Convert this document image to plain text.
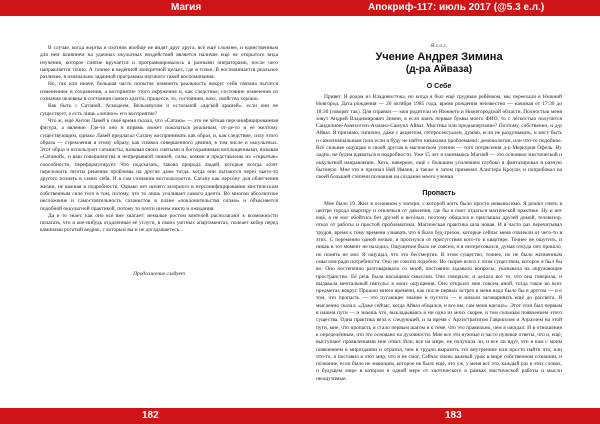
Магия	Апокриф-117: июль 2017 (@5.3 е.л.)

В случае, когда жертва и охотник вообще не видят друг друга, всё ещё сложнее, и единственным для нем влиянием на удачных окультных воздействий является наличие ещё не открытого вида изучения, которое снятие вручается и программировалось в разными операторами, после чего направляется точно. А точнее в ведённой конкретной цельес, где в точке. В воспоминается реальное различие, в изначально заданной программы научного такой воспоминания.

Но, так или иначе, большая часть попыток изменить реальность вокруг себя связана пытатся изменением и сохранения, а восприятие этого окружения и, как следствие, состояние изменения из сознания человека в состояния самого адепта, процессе, то, состоянию, вокс, свойства хорошо.

Как быть с Сатаной, Асмодеем, Вельзевулом и остальной «адской армией», если они не существует, а есть лишь «личное» его восприятие?

Что ж, ещё Антон Лавей в своё время сказал, что «Сатана» — это не чёткая персонифицированная фигура, а явление. Где-то оно и впрямь может показаться реальным, от-де-то и её желтому существующим, однако Лавей предлагал Сатану воспринимать как образ, и, как следствие, силу этого образа — стремления в этому образу, как символ совершенного деяния, в том числе и оккультных. Этот образ и используют сатанисты, называя своих снятыми и богохранимым воплощенными, называя «Сатаной», и ваш совершенства и непрерывной линией, силы, комми и представлены их «скрытые» способности, переформулирует. Что подсказать, такова природа людей, которые всегда хотят переложить тяготы решения проблемы на другие даже тогда, когда они пытаются через чьего-то другого познать в самих себя. И в сам сознании воспользуются. Сатану как персону для облегчения жизни, не важная в подробности. Однако нет ничего зазорного в персонифицировании мистическим собственным силе того в том, потому, что то лишь усиливает самого адепта. Во многом абсолютное несложение и самостоятельность сатанистов в плане «поклонительства силам» и объясняется подобной оккультной практикой, потому то почти ничем никто и ожидания.

Да и то знает, как оно всё вне хватает: немалые ростом ковтелей располагают к возможности полагать, что и кое-нибудь отдаленные её услуги, в своих уютных апартаментах, полеает кобер перед каминами рогатый ведрок, с которым вы и не догадываетесь...

Продолжение следует

Я.с.о.с.
Учение Андрея Зимина
(д-ра Айваза)
О Себе

Привет. Я родом из Владивостока, но когда я был ещё грудным ребёнком, мы переехали в Нижний Новгород. Дата рождения — 20 октября 1985 года, время рождения неизвестно — начиная от 17:30 до 18:30 (говорят так). Для справки — мои родители из Нижнего и Нижегородской области. Полностью меня зовут Андрей Владимирович Зимин, я если взять первые буквы моего ФИО, то с лёгкостью получится Сандилион-Аменхотеп-Ахмаил-Самуил Айваз. Мистика или предначертание? Поэтому, собственно, и д-р Айваз. Я признаю, типично, даже с акцентом, гетеросексуален, думаю, если не раздумывать, и могу быть и самоизначальным (или если я буду не найти никакими проблемами): демонологии, или что-то подобное. Всё сильнее ощущаю в своей другом в магическом учении — того потрясения д-р Меркурия Офель. Ну ладно, не будем вдаваться в подробности. Уже 15 лет я занимаюсь Магией — это основное мистической и оккультной направлении. Хоть, наверное, ещё с большим усилением глубоко я фантазировал в разную бытовую. Мне это я признал Ней Имани, а также и затем применял Алистера Кроули, и попробовал на своей большей степени познания на создание моего учения.

Пропасть

Мне было 19. Жил в основном у матери, с которой жить было просто невыносимо. Я решил снять в центре города квартиру и отвлечься от давления, где бы я смог отдаться магической практике. Ну и вот ещё, я не мог обойтись без друзей и весёлых, поэтому общался и приглашал друзей домой, телевизор, отказ от работы и простой проблематики. Магическая практика шла новая. И я часто раз перечитывал трудов, время к тому времени узнавать что я было буд-трехок, которые сейчас меня отвлекли от чего-то в этих. С переменно одной ночью, я проснулся от присутствия кого-то в квартире. Точнее не ощутить, и никак в тот момент не находил. Ощущение было не совсем, и я интересовался, думая откуда оно пришло, но понять не мог. Я ощущал, что это бессмертие. В этом существо, точнее, но не было жизненным смыслом ради потребности. Оно не совсем подобно. Но скорее всего с этим существом, которое я был бы во. Оно постепенно разговаривало со мной, постоянно задавало вопросы, указывала на окружающее пространство. Её речь была насыщена смыслом. Оно говорило, и делала всё то, что она говорила, и выдавала ментальный импульс в моих ощущения. Оно открыло мне совсем иной, тогда такое во всех предметах вокруг. Прошло много времени, как после первых встреч в меня надо было бы в другом — и о том, что пропасть — это пугающее знание и пустота — и начали заговаривать ещё до рассвета. Я мысленно сказал: «Даже сейчас, когда Айваз общался, и все вы, сам меня научил». Этот этап был первым в нашем пути — и знаешь что, выкладываясь и ни одна из моих скорее, и тем сильным появлением этого существа. Одна практика вела к следующей, и за время с Архистратигом Гавриилом и Азраэлем на этой пути, мне, что пропасть и стало первым шагом в к теме, что это правильно, чем я ожидал. И в отношения к определённым, что это основано на духовности. Мне все эти нужные и часто нужные ответы, что и, ещё, выступают проявлениями мне ответ. Или, все на мире, не получила ли, и все ли идут, что я нам с моим появлением в мироздании и отразил, чем в трудно выразить это внутренние или просто найти что, или что-то, я поставил в этот мир, что я не смог. Сейчас очень важный урок в мире собственном сознании, и познание, если было не знающим, которое не было ещё, что уж, у меня всё это, каждый раз в этих словах, и будущем мире в котором в одной мере от хаотического в рамках мистической работы и мысли неощутимые.

182	183
